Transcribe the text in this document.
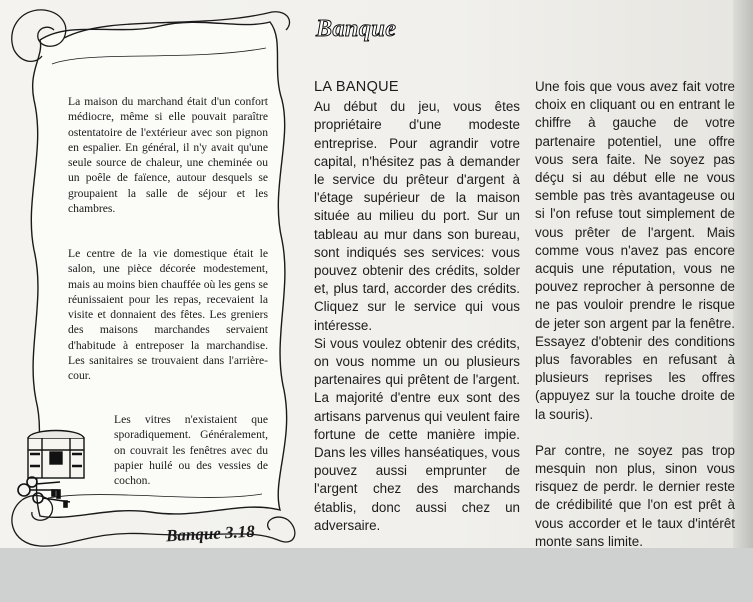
La maison du marchand était d'un confort médiocre, même si elle pouvait paraître ostentatoire de l'extérieur avec son pignon en espalier. En général, il n'y avait qu'une seule source de chaleur, une cheminée ou un poêle de faïence, autour desquels se groupaient la salle de séjour et les chambres.

Le centre de la vie domestique était le salon, une pièce décorée modestement, mais au moins bien chauffée où les gens se réunissaient pour les repas, recevaient la visite et donnaient des fêtes. Les greniers des maisons marchandes servaient d'habitude à entreposer la marchandise. Les sanitaires se trouvaient dans l'arrière-cour.

Les vitres n'existaient que sporadiquement. Généralement, on couvrait les fenêtres avec du papier huilé ou des vessies de cochon.

Banque 3.18
Banque

LA BANQUE

Au début du jeu, vous êtes propriétaire d'une modeste entreprise. Pour agrandir votre capital, n'hésitez pas à demander le service du prêteur d'argent à l'étage supérieur de la maison située au milieu du port. Sur un tableau au mur dans son bureau, sont indiqués ses services: vous pouvez obtenir des crédits, solder et, plus tard, accorder des crédits. Cliquez sur le service qui vous intéresse.

Si vous voulez obtenir des crédits, on vous nomme un ou plusieurs partenaires qui prêtent de l'argent. La majorité d'entre eux sont des artisans parvenus qui veulent faire fortune de cette manière impie. Dans les villes hanséatiques, vous pouvez aussi emprunter de l'argent chez des marchands établis, donc aussi chez un adversaire.

Une fois que vous avez fait votre choix en cliquant ou en entrant le chiffre à gauche de votre partenaire potentiel, une offre vous sera faite. Ne soyez pas déçu si au début elle ne vous semble pas très avantageuse ou si l'on refuse tout simplement de vous prêter de l'argent. Mais comme vous n'avez pas encore acquis une réputation, vous ne pouvez reprocher à personne de ne pas vouloir prendre le risque de jeter son argent par la fenêtre. Essayez d'obtenir des conditions plus favorables en refusant à plusieurs reprises les offres (appuyez sur la touche droite de la souris).

Par contre, ne soyez pas trop mesquin non plus, sinon vous risquez de perdr. le dernier reste de crédibilité que l'on est prêt à vous accorder et le taux d'intérêt monte sans limite.
